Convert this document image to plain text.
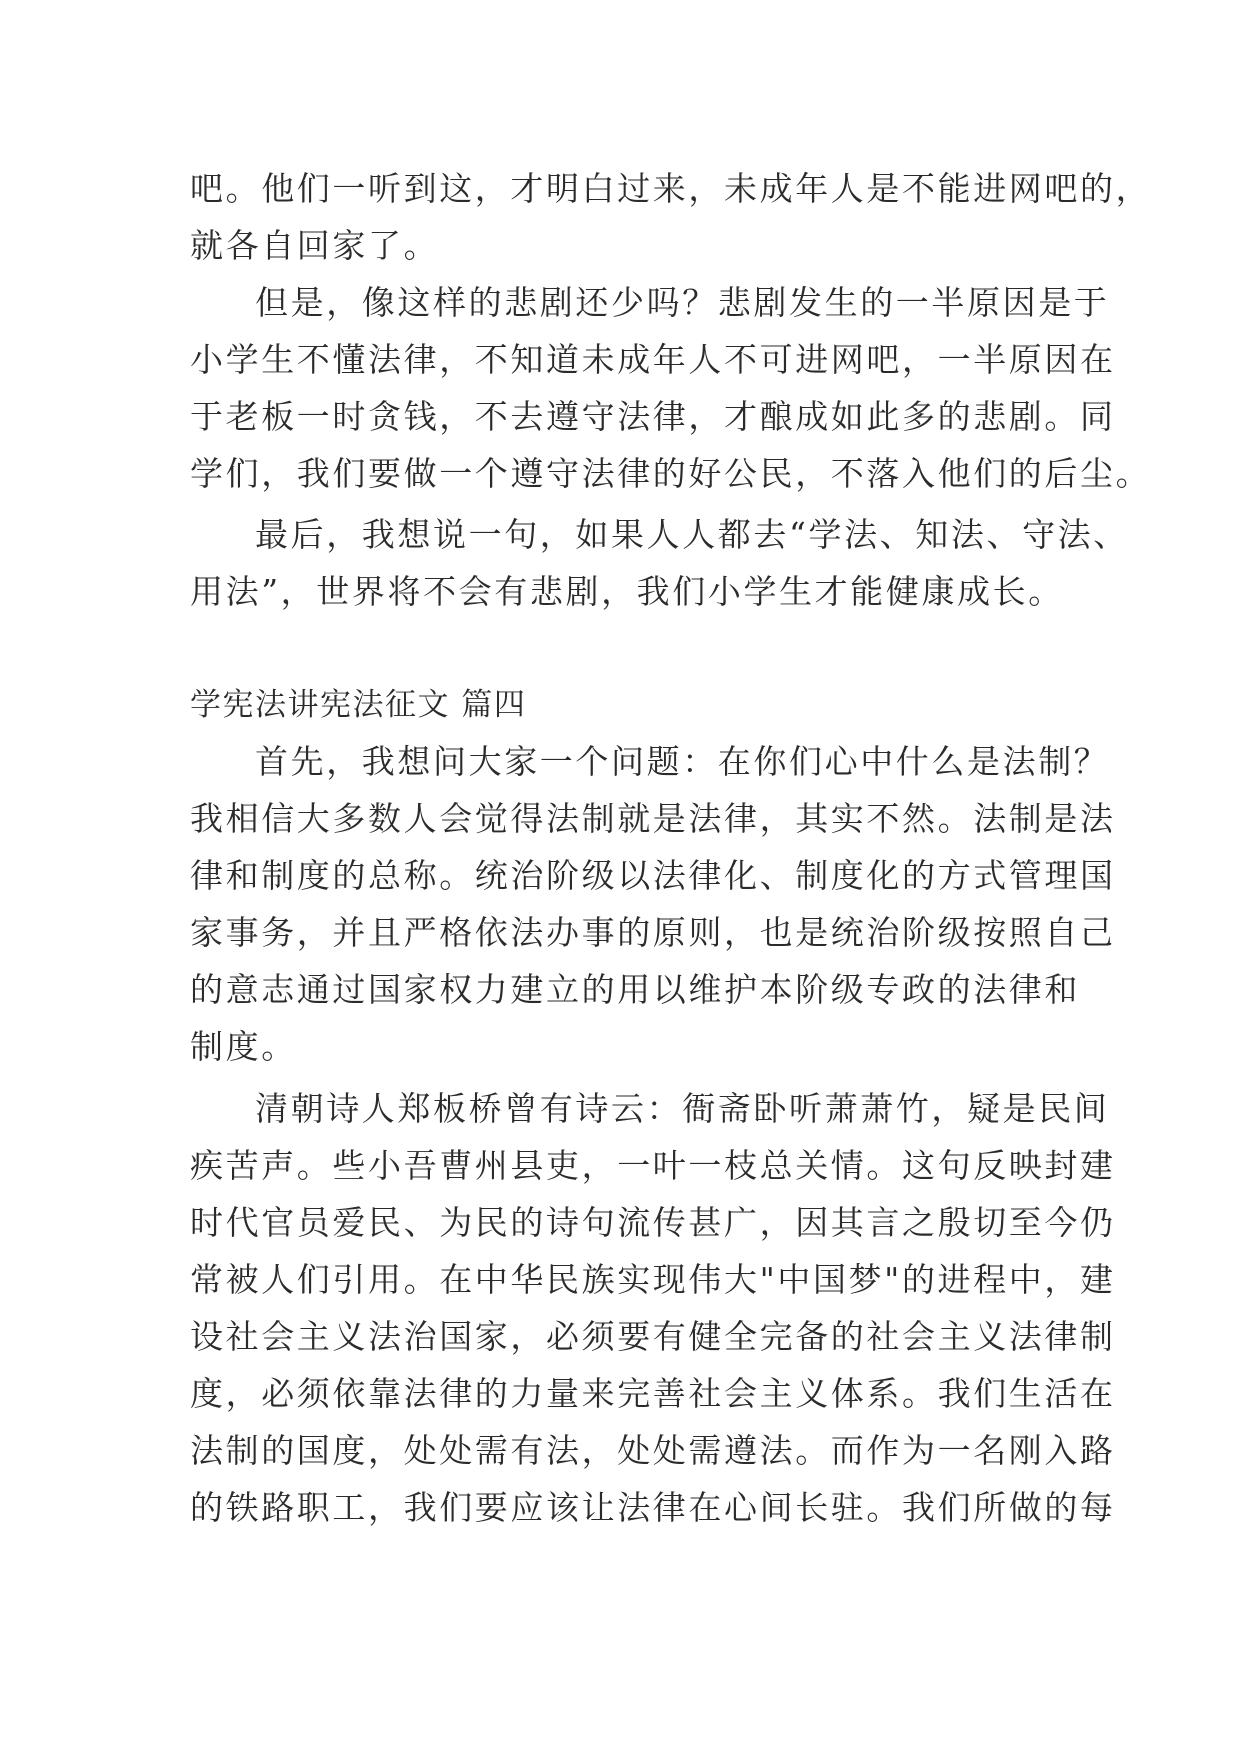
吧。他们一听到这，才明白过来，未成年人是不能进网吧的，
就各自回家了。
但是，像这样的悲剧还少吗？悲剧发生的一半原因是于
小学生不懂法律，不知道未成年人不可进网吧，一半原因在
于老板一时贪钱，不去遵守法律，才酿成如此多的悲剧。同
学们，我们要做一个遵守法律的好公民，不落入他们的后尘。
最后，我想说一句，如果人人都去“学法、知法、守法、
用法”，世界将不会有悲剧，我们小学生才能健康成长。
学宪法讲宪法征文 篇四
首先，我想问大家一个问题：在你们心中什么是法制？
我相信大多数人会觉得法制就是法律，其实不然。法制是法
律和制度的总称。统治阶级以法律化、制度化的方式管理国
家事务，并且严格依法办事的原则，也是统治阶级按照自己
的意志通过国家权力建立的用以维护本阶级专政的法律和
制度。
清朝诗人郑板桥曾有诗云：衙斋卧听萧萧竹，疑是民间
疾苦声。些小吾曹州县吏，一叶一枝总关情。这句反映封建
时代官员爱民、为民的诗句流传甚广，因其言之殷切至今仍
常被人们引用。在中华民族实现伟大"中国梦"的进程中，建
设社会主义法治国家，必须要有健全完备的社会主义法律制
度，必须依靠法律的力量来完善社会主义体系。我们生活在
法制的国度，处处需有法，处处需遵法。而作为一名刚入路
的铁路职工，我们要应该让法律在心间长驻。我们所做的每
